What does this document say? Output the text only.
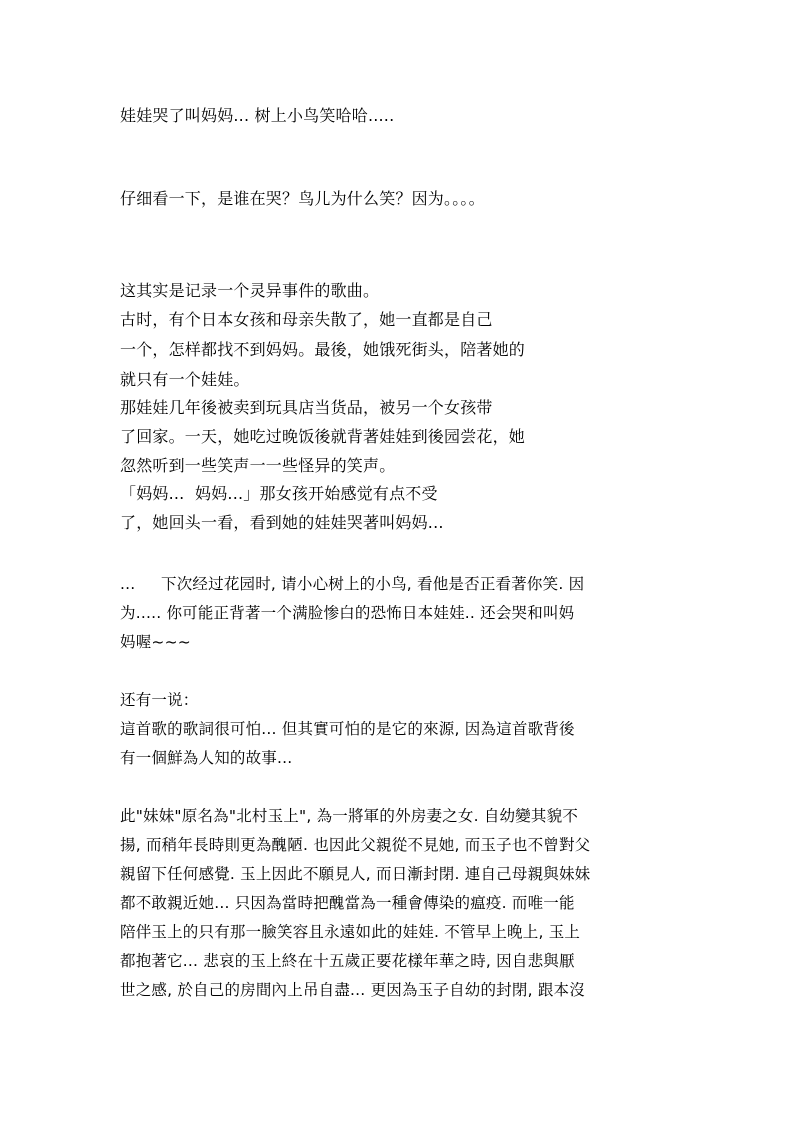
娃娃哭了叫妈妈... 树上小鸟笑哈哈.....
仔细看一下，是谁在哭？鸟儿为什么笑？因为。。。。
这其实是记录一个灵异事件的歌曲。
古时，有个日本女孩和母亲失散了，她一直都是自己
一个，怎样都找不到妈妈。最後，她饿死街头，陪著她的
就只有一个娃娃。
那娃娃几年後被卖到玩具店当货品，被另一个女孩带
了回家。一天，她吃过晚饭後就背著娃娃到後园尝花，她
忽然听到一些笑声一一些怪异的笑声。
「妈妈...  妈妈...」那女孩开始感觉有点不受
了，她回头一看，看到她的娃娃哭著叫妈妈...
...     下次经过花园时, 请小心树上的小鸟, 看他是否正看著你笑. 因
为..... 你可能正背著一个满脸惨白的恐怖日本娃娃.. 还会哭和叫妈
妈喔~~~
还有一说：
這首歌的歌詞很可怕... 但其實可怕的是它的來源, 因為這首歌背後
有一個鮮為人知的故事...
此"妹妹"原名為"北村玉上", 為一將軍的外房妻之女. 自幼變其貌不
揚, 而稍年長時則更為醜陋. 也因此父親從不見她, 而玉子也不曾對父
親留下任何感覺. 玉上因此不願見人, 而日漸封閉. 連自己母親與妹妹
都不敢親近她... 只因為當時把醜當為一種會傳染的瘟疫. 而唯一能
陪伴玉上的只有那一臉笑容且永遠如此的娃娃. 不管早上晚上, 玉上
都抱著它... 悲哀的玉上終在十五歲正要花樣年華之時, 因自悲與厭
世之感, 於自己的房間內上吊自盡... 更因為玉子自幼的封閉, 跟本沒
